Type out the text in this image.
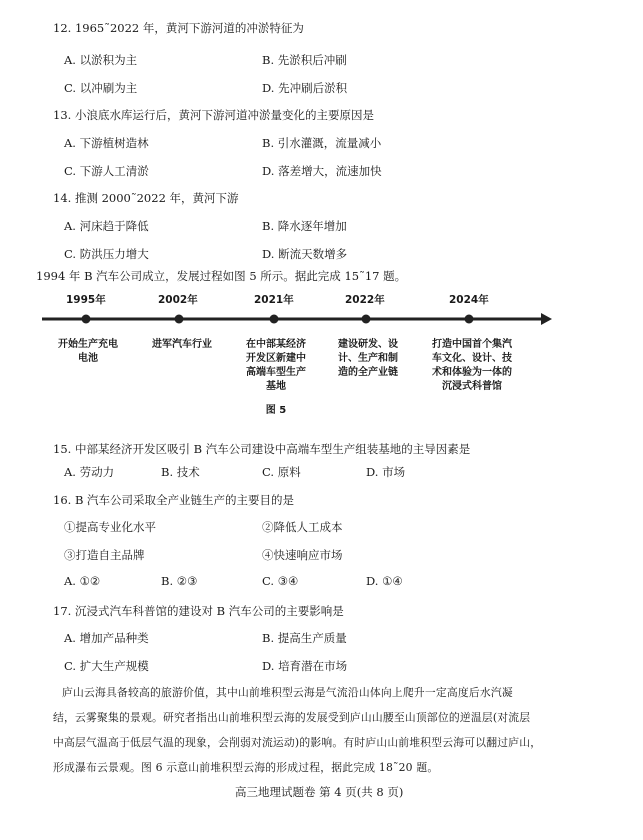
12. 1965˜2022 年，黄河下游河道的冲淤特征为
A. 以淤积为主	B. 先淤积后冲刷
C. 以冲刷为主	D. 先冲刷后淤积
13. 小浪底水库运行后，黄河下游河道冲淤量变化的主要原因是
A. 下游植树造林	B. 引水灌溉，流量减小
C. 下游人工清淤	D. 落差增大，流速加快
14. 推测 2000˜2022 年，黄河下游
A. 河床趋于降低	B. 降水逐年增加
C. 防洪压力增大	D. 断流天数增多
1994 年 B 汽车公司成立，发展过程如图 5 所示。据此完成 15˜17 题。
1995年	2002年	2021年	2022年	2024年
开始生产充电
电池
进军汽车行业	在中部某经济
开发区新建中
高端车型生产
基地
建设研发、设
计、生产和制
造的全产业链
打造中国首个集汽
车文化、设计、技
术和体验为一体的
沉浸式科普馆
图 5
15. 中部某经济开发区吸引 B 汽车公司建设中高端车型生产组装基地的主导因素是
A. 劳动力	B. 技术	C. 原料	D. 市场
16. B 汽车公司采取全产业链生产的主要目的是
①提高专业化水平	②降低人工成本
③打造自主品牌	④快速响应市场
A. ①②	B. ②③	C. ③④	D. ①④
17. 沉浸式汽车科普馆的建设对 B 汽车公司的主要影响是
A. 增加产品种类	B. 提高生产质量
C. 扩大生产规模	D. 培育潜在市场
庐山云海具备较高的旅游价值，其中山前堆积型云海是气流沿山体向上爬升一定高度后水汽凝
结，云雾聚集的景观。研究者指出山前堆积型云海的发展受到庐山山腰至山顶部位的逆温层(对流层
中高层气温高于低层气温的现象，会削弱对流运动)的影响。有时庐山山前堆积型云海可以翻过庐山，
形成瀑布云景观。图 6 示意山前堆积型云海的形成过程，据此完成 18˜20 题。
高三地理试题卷 第 4 页(共 8 页)
